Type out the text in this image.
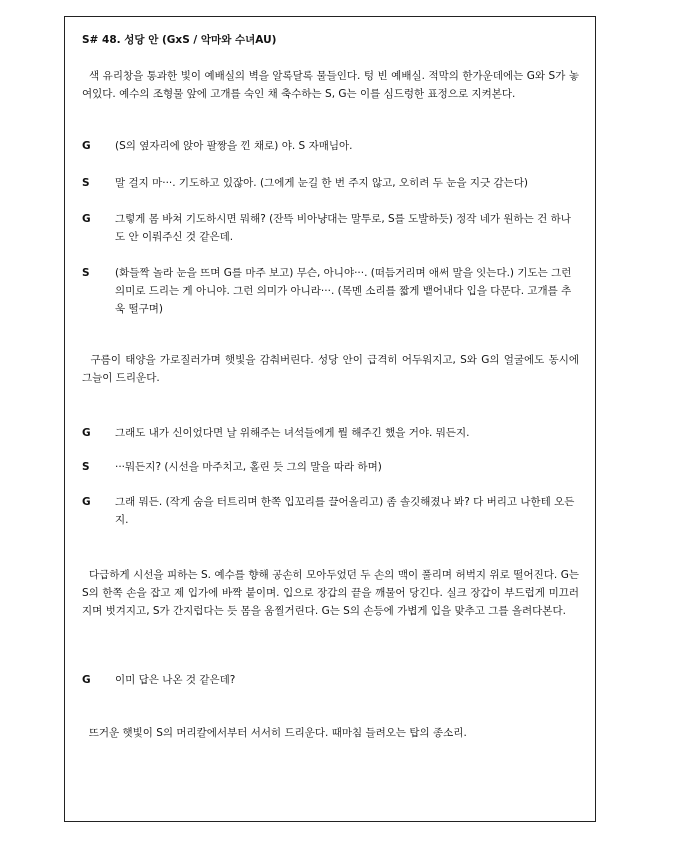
S# 48. 성당 안 (GxS / 악마와 수녀AU)
색 유리창을 통과한 빛이 예배실의 벽을 알록달록 물들인다. 텅 빈 예배실. 적막의 한가운데에는 G와 S가 놓여있다. 예수의 조형물 앞에 고개를 숙인 채 축수하는 S, G는 이를 심드렁한 표정으로 지켜본다.
G (S의 옆자리에 앉아 팔짱을 낀 채로) 야. S 자매님아.
S 말 걸지 마···. 기도하고 있잖아. (그에게 눈길 한 번 주지 않고, 오히려 두 눈을 지긋 감는다)
G 그렇게 몸 바쳐 기도하시면 뭐해? (잔뜩 비아냥대는 말투로, S를 도발하듯) 정작 네가 원하는 건 하나도 안 이뤄주신 것 같은데.
S (화들짝 놀라 눈을 뜨며 G를 마주 보고) 무슨, 아니야···. (떠듬거리며 애써 말을 잇는다.) 기도는 그런 의미로 드리는 게 아니야. 그런 의미가 아니라···. (목멘 소리를 짧게 뱉어내다 입을 다문다. 고개를 추욱 떨구며)
구름이 태양을 가로질러가며 햇빛을 감춰버린다. 성당 안이 급격히 어두워지고, S와 G의 얼굴에도 동시에 그늘이 드리운다.
G 그래도 내가 신이었다면 날 위해주는 녀석들에게 뭘 해주긴 했을 거야. 뭐든지.
S ···뭐든지? (시선을 마주치고, 홀린 듯 그의 말을 따라 하며)
G 그래 뭐든. (작게 숨을 터트리며 한쪽 입꼬리를 끌어올리고) 좀 솔깃해졌나 봐? 다 버리고 나한테 오든지.
다급하게 시선을 피하는 S. 예수를 향해 공손히 모아두었던 두 손의 맥이 풀리며 허벅지 위로 떨어진다. G는 S의 한쪽 손을 잡고 제 입가에 바짝 붙이며. 입으로 장갑의 끝을 깨물어 당긴다. 실크 장갑이 부드럽게 미끄러지며 벗겨지고, S가 간지럽다는 듯 몸을 움찔거린다. G는 S의 손등에 가볍게 입을 맞추고 그를 올려다본다.
G 이미 답은 나온 것 같은데?
뜨거운 햇빛이 S의 머리칼에서부터 서서히 드리운다. 때마침 들려오는 탑의 종소리.
